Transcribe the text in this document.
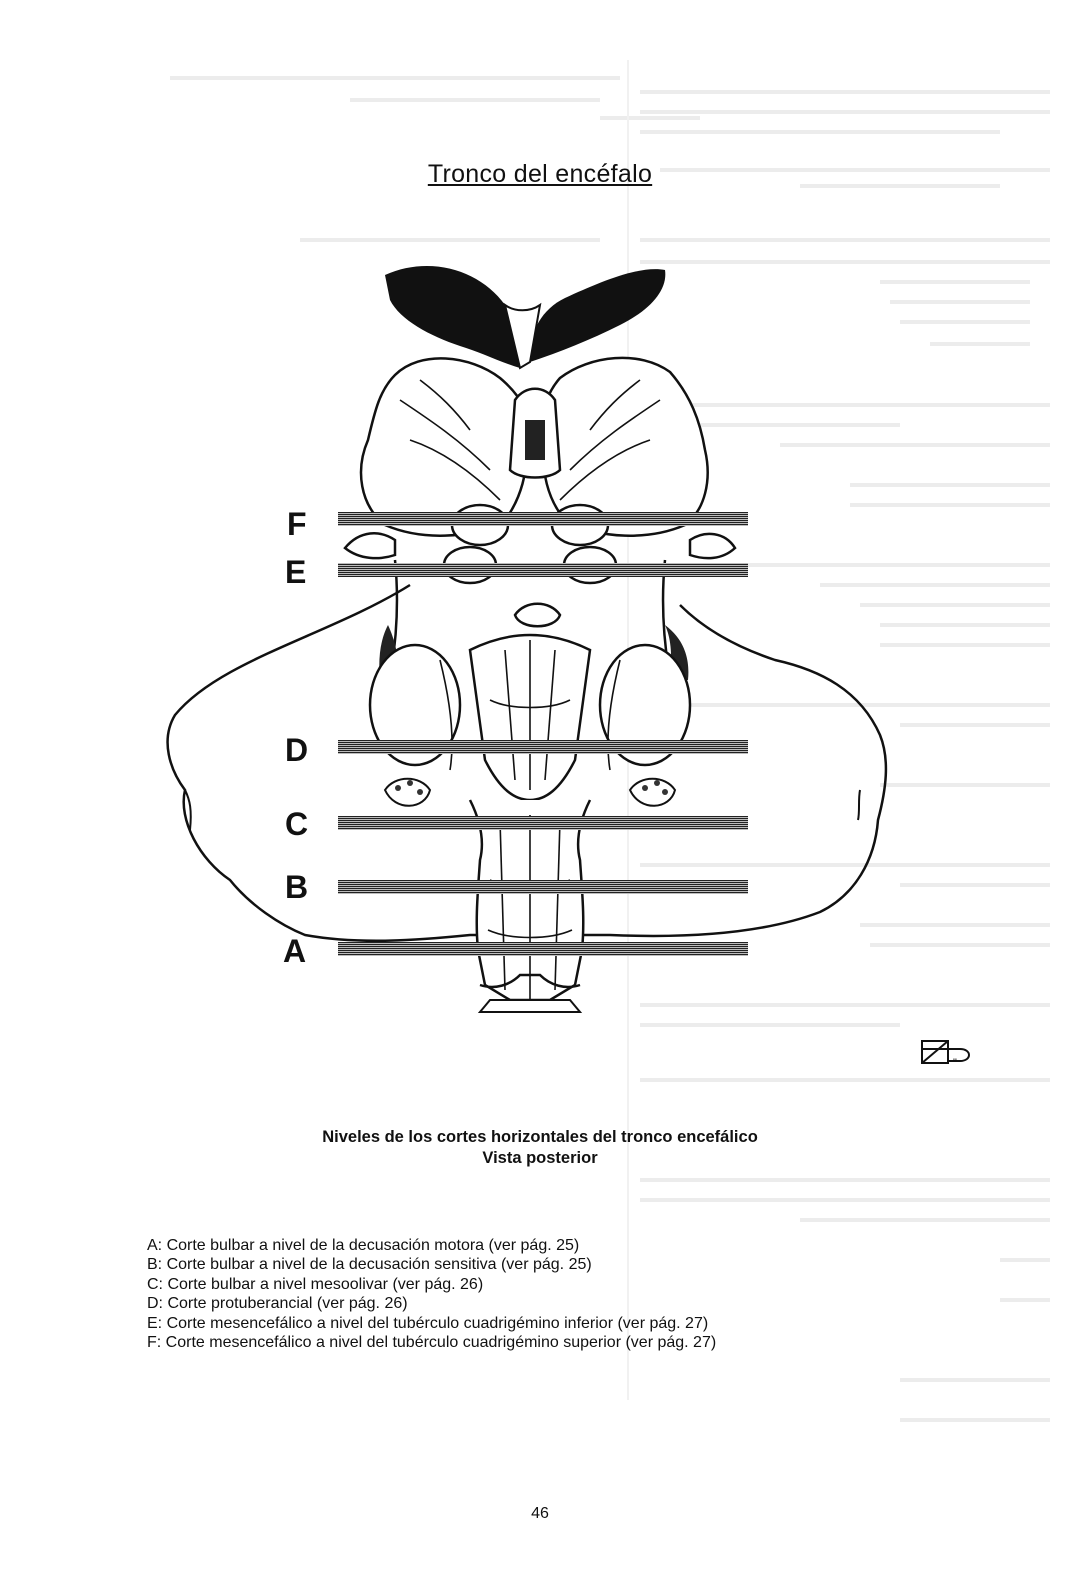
Tronco del encéfalo
F
E
D
C
B
A
"
Niveles de los cortes horizontales del tronco encefálico
Vista posterior
A: Corte bulbar a nivel de la decusación motora (ver pág. 25)
B: Corte bulbar a nivel de la decusación sensitiva (ver pág. 25)
C: Corte bulbar a nivel mesoolivar (ver pág. 26)
D: Corte protuberancial (ver pág. 26)
E: Corte mesencefálico a nivel del tubérculo cuadrigémino inferior (ver pág. 27)
F: Corte mesencefálico a nivel del tubérculo cuadrigémino superior (ver pág. 27)
46
